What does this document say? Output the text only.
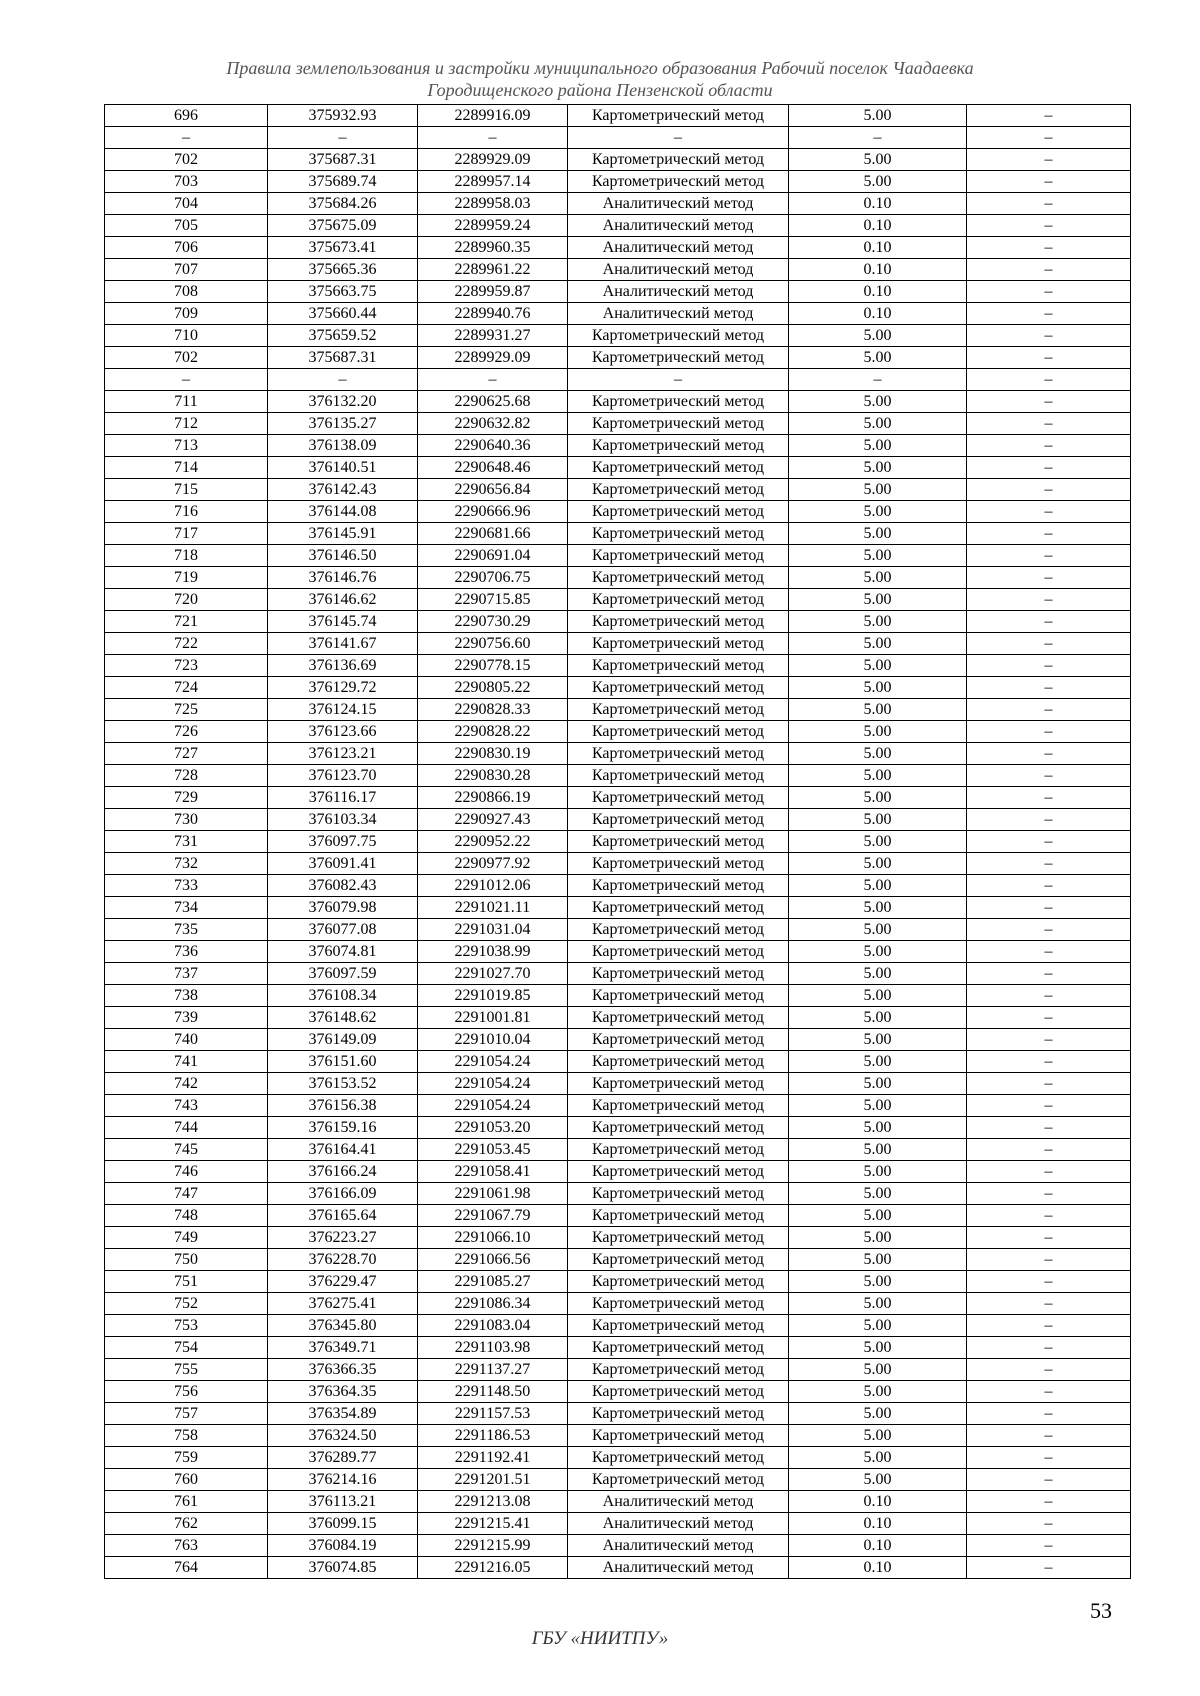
Правила землепользования и застройки муниципального образования Рабочий поселок Чаадаевка
Городищенского района Пензенской области
696	375932.93	2289916.09	Картометрический метод	5.00	–
–	–	–	–	–	–
702	375687.31	2289929.09	Картометрический метод	5.00	–
703	375689.74	2289957.14	Картометрический метод	5.00	–
704	375684.26	2289958.03	Аналитический метод	0.10	–
705	375675.09	2289959.24	Аналитический метод	0.10	–
706	375673.41	2289960.35	Аналитический метод	0.10	–
707	375665.36	2289961.22	Аналитический метод	0.10	–
708	375663.75	2289959.87	Аналитический метод	0.10	–
709	375660.44	2289940.76	Аналитический метод	0.10	–
710	375659.52	2289931.27	Картометрический метод	5.00	–
702	375687.31	2289929.09	Картометрический метод	5.00	–
–	–	–	–	–	–
711	376132.20	2290625.68	Картометрический метод	5.00	–
712	376135.27	2290632.82	Картометрический метод	5.00	–
713	376138.09	2290640.36	Картометрический метод	5.00	–
714	376140.51	2290648.46	Картометрический метод	5.00	–
715	376142.43	2290656.84	Картометрический метод	5.00	–
716	376144.08	2290666.96	Картометрический метод	5.00	–
717	376145.91	2290681.66	Картометрический метод	5.00	–
718	376146.50	2290691.04	Картометрический метод	5.00	–
719	376146.76	2290706.75	Картометрический метод	5.00	–
720	376146.62	2290715.85	Картометрический метод	5.00	–
721	376145.74	2290730.29	Картометрический метод	5.00	–
722	376141.67	2290756.60	Картометрический метод	5.00	–
723	376136.69	2290778.15	Картометрический метод	5.00	–
724	376129.72	2290805.22	Картометрический метод	5.00	–
725	376124.15	2290828.33	Картометрический метод	5.00	–
726	376123.66	2290828.22	Картометрический метод	5.00	–
727	376123.21	2290830.19	Картометрический метод	5.00	–
728	376123.70	2290830.28	Картометрический метод	5.00	–
729	376116.17	2290866.19	Картометрический метод	5.00	–
730	376103.34	2290927.43	Картометрический метод	5.00	–
731	376097.75	2290952.22	Картометрический метод	5.00	–
732	376091.41	2290977.92	Картометрический метод	5.00	–
733	376082.43	2291012.06	Картометрический метод	5.00	–
734	376079.98	2291021.11	Картометрический метод	5.00	–
735	376077.08	2291031.04	Картометрический метод	5.00	–
736	376074.81	2291038.99	Картометрический метод	5.00	–
737	376097.59	2291027.70	Картометрический метод	5.00	–
738	376108.34	2291019.85	Картометрический метод	5.00	–
739	376148.62	2291001.81	Картометрический метод	5.00	–
740	376149.09	2291010.04	Картометрический метод	5.00	–
741	376151.60	2291054.24	Картометрический метод	5.00	–
742	376153.52	2291054.24	Картометрический метод	5.00	–
743	376156.38	2291054.24	Картометрический метод	5.00	–
744	376159.16	2291053.20	Картометрический метод	5.00	–
745	376164.41	2291053.45	Картометрический метод	5.00	–
746	376166.24	2291058.41	Картометрический метод	5.00	–
747	376166.09	2291061.98	Картометрический метод	5.00	–
748	376165.64	2291067.79	Картометрический метод	5.00	–
749	376223.27	2291066.10	Картометрический метод	5.00	–
750	376228.70	2291066.56	Картометрический метод	5.00	–
751	376229.47	2291085.27	Картометрический метод	5.00	–
752	376275.41	2291086.34	Картометрический метод	5.00	–
753	376345.80	2291083.04	Картометрический метод	5.00	–
754	376349.71	2291103.98	Картометрический метод	5.00	–
755	376366.35	2291137.27	Картометрический метод	5.00	–
756	376364.35	2291148.50	Картометрический метод	5.00	–
757	376354.89	2291157.53	Картометрический метод	5.00	–
758	376324.50	2291186.53	Картометрический метод	5.00	–
759	376289.77	2291192.41	Картометрический метод	5.00	–
760	376214.16	2291201.51	Картометрический метод	5.00	–
761	376113.21	2291213.08	Аналитический метод	0.10	–
762	376099.15	2291215.41	Аналитический метод	0.10	–
763	376084.19	2291215.99	Аналитический метод	0.10	–
764	376074.85	2291216.05	Аналитический метод	0.10	–
53
ГБУ «НИИТПУ»
